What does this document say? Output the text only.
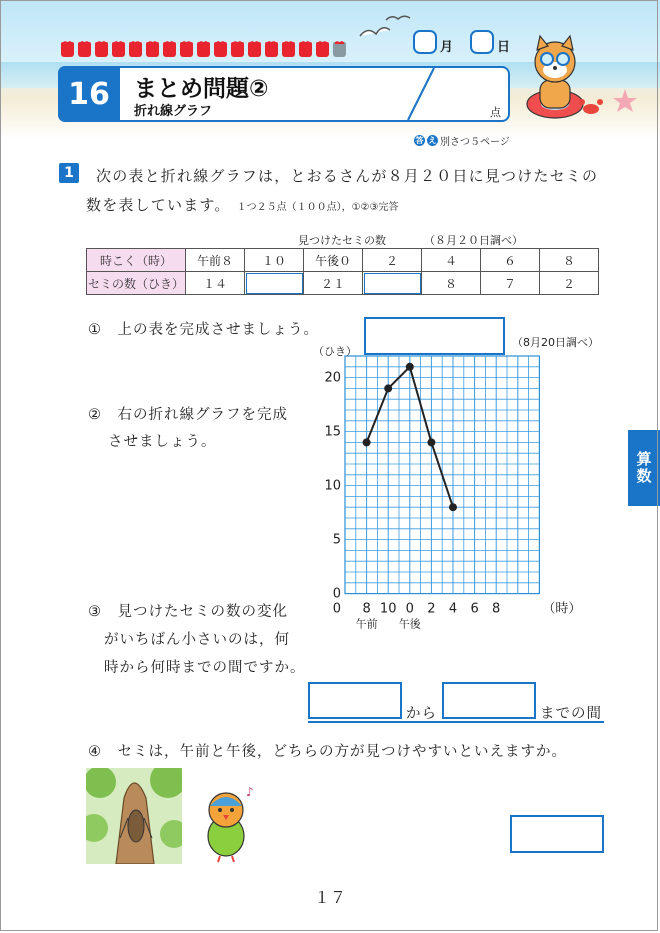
月	日
16	まとめ問題②
折れ線グラフ	点
答 え 別さつ５ページ
算数
1	次の表と折れ線グラフは，とおるさんが８月２０日に見つけたセミの
数を表しています。 １つ２５点（１００点），①②③完答
見つけたセミの数	（８月２０日調べ）
時こく（時）	午前８	１０	午後０	２	４	６	８
セミの数（ひき）	１４		２１		８	７	２
①　上の表を完成させましょう。
（8月20日調べ）
②　右の折れ線グラフを完成
させましょう。
③　見つけたセミの数の変化
がいちばん小さいのは，何
時から何時までの間ですか。
から	までの間
④　セミは，午前と午後，どちらの方が見つけやすいといえますか。
♪
0
5
10
15
20
8 10 0 2 4 6 8
0	（時）
午前 午後
（ひき）
１７
